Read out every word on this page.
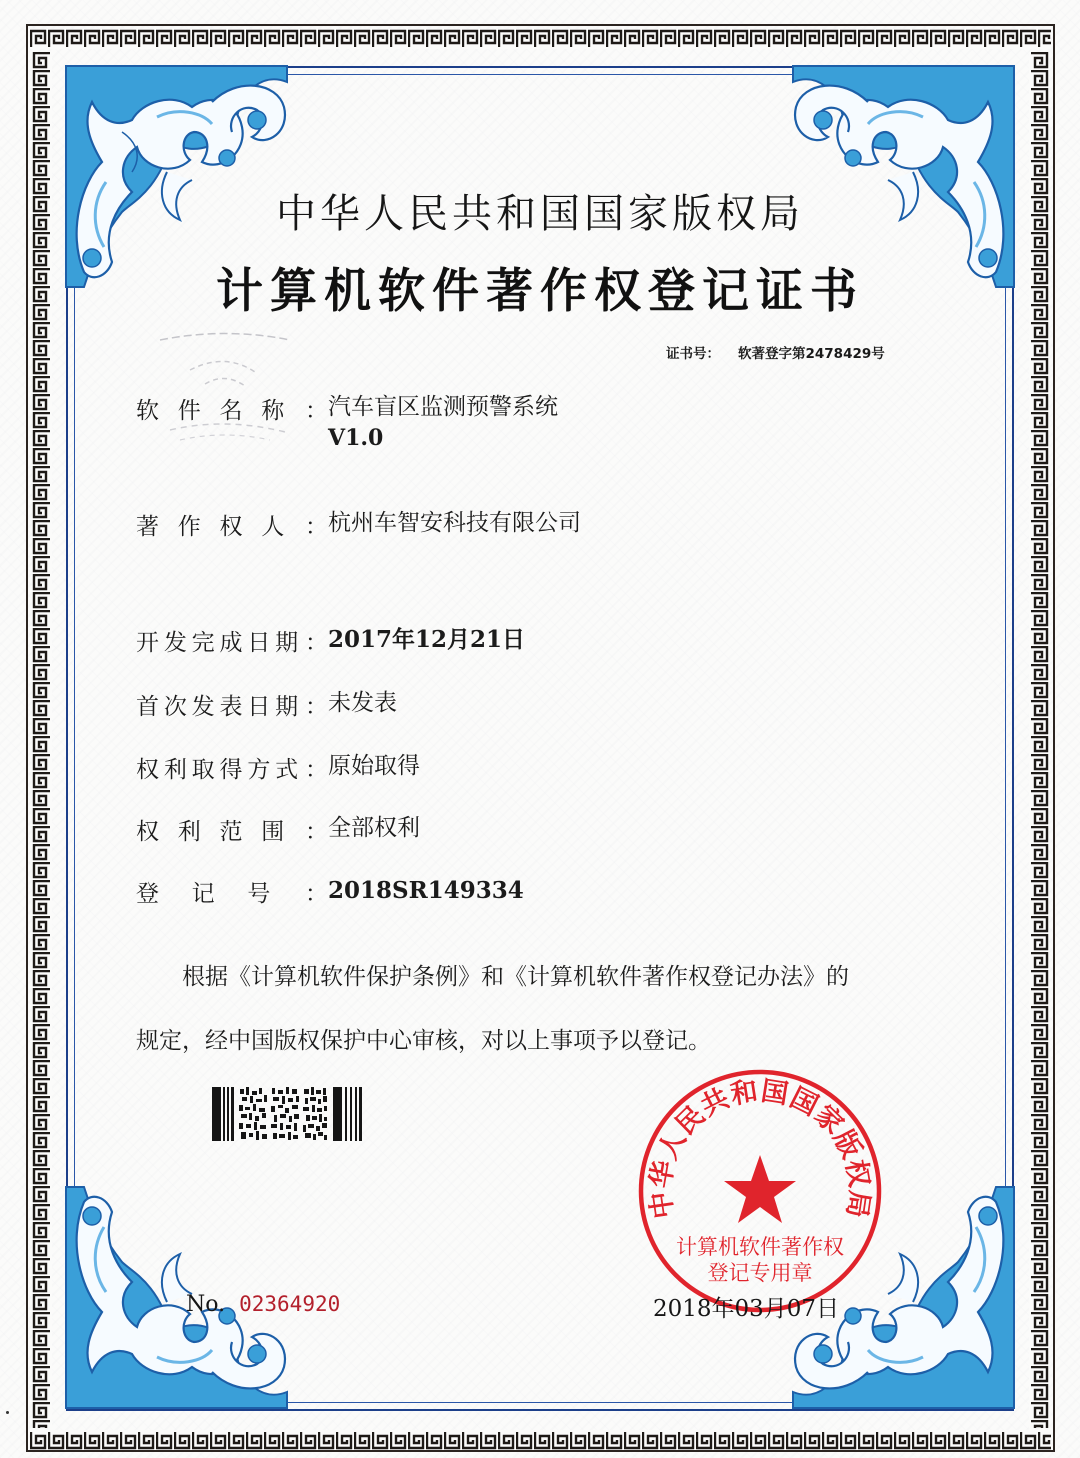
中华人民共和国国家版权局
计算机软件著作权登记证书
证书号： 软著登字第2478429号
软 件 名 称 ： 汽车盲区监测预警系统
V1.0
著 作 权 人 ： 杭州车智安科技有限公司
开 发 完 成 日 期 ： 2017年12月21日
首 次 发 表 日 期 ： 未发表
权 利 取 得 方 式 ： 原始取得
权 利 范 围 ： 全部权利
登 记 号 ： 2018SR149334
根据《计算机软件保护条例》和《计算机软件著作权登记办法》的
规定，经中国版权保护中心审核，对以上事项予以登记。
中华人民共和国国家版权局
计算机软件著作权
登记专用章
No. 02364920	2018年03月07日
